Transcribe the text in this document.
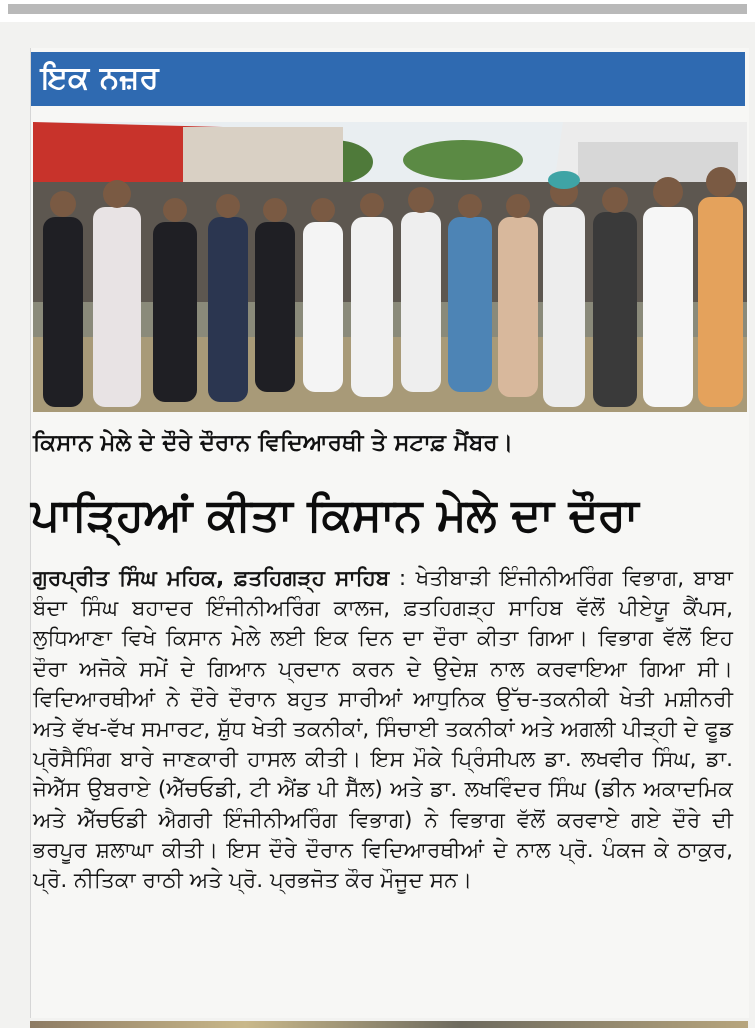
ਇਕ ਨਜ਼ਰ
ਕਿਸਾਨ ਮੇਲੇ ਦੇ ਦੌਰੇ ਦੌਰਾਨ ਵਿਦਿਆਰਥੀ ਤੇ ਸਟਾਫ਼ ਮੈਂਬਰ।
ਪਾੜ੍ਹਿਆਂ ਕੀਤਾ ਕਿਸਾਨ ਮੇਲੇ ਦਾ ਦੌਰਾ
ਗੁਰਪ੍ਰੀਤ ਸਿੰਘ ਮਹਿਕ, ਫ਼ਤਹਿਗੜ੍ਹ ਸਾਹਿਬ : ਖੇਤੀਬਾੜੀ ਇੰਜੀਨੀਅਰਿੰਗ ਵਿਭਾਗ, ਬਾਬਾ ਬੰਦਾ ਸਿੰਘ ਬਹਾਦਰ ਇੰਜੀਨੀਅਰਿੰਗ ਕਾਲਜ, ਫ਼ਤਹਿਗੜ੍ਹ ਸਾਹਿਬ ਵੱਲੋਂ ਪੀਏਯੂ ਕੈਂਪਸ, ਲੁਧਿਆਣਾ ਵਿਖੇ ਕਿਸਾਨ ਮੇਲੇ ਲਈ ਇਕ ਦਿਨ ਦਾ ਦੌਰਾ ਕੀਤਾ ਗਿਆ। ਵਿਭਾਗ ਵੱਲੋਂ ਇਹ ਦੌਰਾ ਅਜੋਕੇ ਸਮੇਂ ਦੇ ਗਿਆਨ ਪ੍ਰਦਾਨ ਕਰਨ ਦੇ ਉਦੇਸ਼ ਨਾਲ ਕਰਵਾਇਆ ਗਿਆ ਸੀ। ਵਿਦਿਆਰਥੀਆਂ ਨੇ ਦੌਰੇ ਦੌਰਾਨ ਬਹੁਤ ਸਾਰੀਆਂ ਆਧੁਨਿਕ ਉੱਚ-ਤਕਨੀਕੀ ਖੇਤੀ ਮਸ਼ੀਨਰੀ ਅਤੇ ਵੱਖ-ਵੱਖ ਸਮਾਰਟ, ਸ਼ੁੱਧ ਖੇਤੀ ਤਕਨੀਕਾਂ, ਸਿੰਚਾਈ ਤਕਨੀਕਾਂ ਅਤੇ ਅਗਲੀ ਪੀੜ੍ਹੀ ਦੇ ਫੂਡ ਪ੍ਰੋਸੈਸਿੰਗ ਬਾਰੇ ਜਾਣਕਾਰੀ ਹਾਸਲ ਕੀਤੀ। ਇਸ ਮੌਕੇ ਪ੍ਰਿੰਸੀਪਲ ਡਾ. ਲਖਵੀਰ ਸਿੰਘ, ਡਾ. ਜੇਐੱਸ ਉਬਰਾਏ (ਐੱਚਓਡੀ, ਟੀ ਐਂਡ ਪੀ ਸੈੱਲ) ਅਤੇ ਡਾ. ਲਖਵਿੰਦਰ ਸਿੰਘ (ਡੀਨ ਅਕਾਦਮਿਕ ਅਤੇ ਐੱਚਓਡੀ ਐਗਰੀ ਇੰਜੀਨੀਅਰਿੰਗ ਵਿਭਾਗ) ਨੇ ਵਿਭਾਗ ਵੱਲੋਂ ਕਰਵਾਏ ਗਏ ਦੌਰੇ ਦੀ ਭਰਪੂਰ ਸ਼ਲਾਘਾ ਕੀਤੀ। ਇਸ ਦੌਰੇ ਦੌਰਾਨ ਵਿਦਿਆਰਥੀਆਂ ਦੇ ਨਾਲ ਪ੍ਰੋ. ਪੰਕਜ ਕੇ ਠਾਕੁਰ, ਪ੍ਰੋ. ਨੀਤਿਕਾ ਰਾਠੀ ਅਤੇ ਪ੍ਰੋ. ਪ੍ਰਭਜੋਤ ਕੌਰ ਮੌਜੂਦ ਸਨ।
